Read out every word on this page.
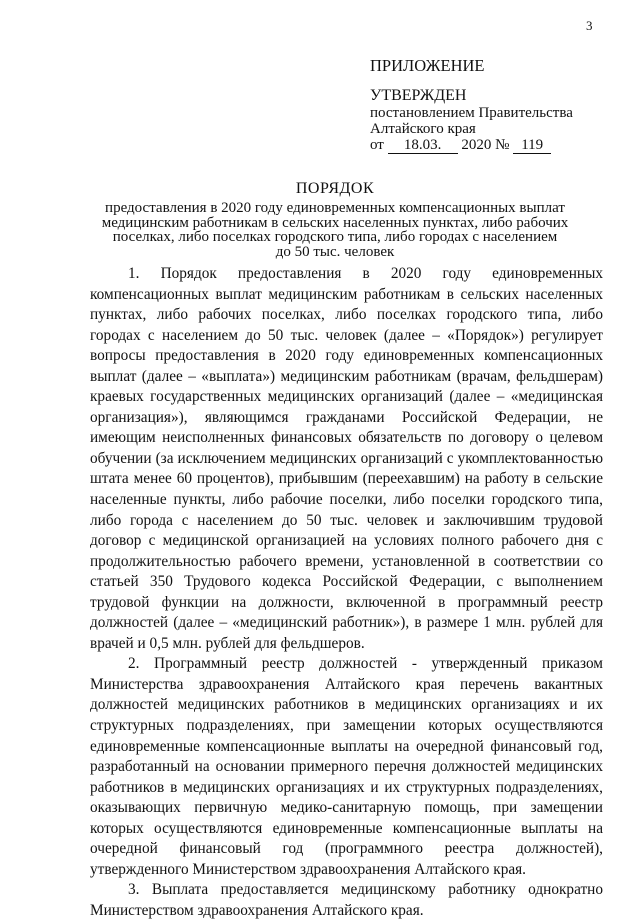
3
ПРИЛОЖЕНИЕ
УТВЕРЖДЕН
постановлением Правительства
Алтайского края
от 18.03. 2020 № 119
ПОРЯДОК
предоставления в 2020 году единовременных компенсационных выплат
медицинским работникам в сельских населенных пунктах, либо рабочих
поселках, либо поселках городского типа, либо городах с населением
до 50 тыс. человек

1. Порядок предоставления в 2020 году единовременных компенсационных выплат медицинским работникам в сельских населенных пунктах, либо рабочих поселках, либо поселках городского типа, либо городах с населением до 50 тыс. человек (далее – «Порядок») регулирует вопросы предоставления в 2020 году единовременных компенсационных выплат (далее – «выплата») медицинским работникам (врачам, фельдшерам) краевых государственных медицинских организаций (далее – «медицинская организация»), являющимся гражданами Российской Федерации, не имеющим неисполненных финансовых обязательств по договору о целевом обучении (за исключением медицинских организаций с укомплектованностью штата менее 60 процентов), прибывшим (переехавшим) на работу в сельские населенные пункты, либо рабочие поселки, либо поселки городского типа, либо города с населением до 50 тыс. человек и заключившим трудовой договор с медицинской организацией на условиях полного рабочего дня с продолжительностью рабочего времени, установленной в соответствии со статьей 350 Трудового кодекса Российской Федерации, с выполнением трудовой функции на должности, включенной в программный реестр должностей (далее – «медицинский работник»), в размере 1 млн. рублей для врачей и 0,5 млн. рублей для фельдшеров.

2. Программный реестр должностей - утвержденный приказом Министерства здравоохранения Алтайского края перечень вакантных должностей медицинских работников в медицинских организациях и их структурных подразделениях, при замещении которых осуществляются единовременные компенсационные выплаты на очередной финансовый год, разработанный на основании примерного перечня должностей медицинских работников в медицинских организациях и их структурных подразделениях, оказывающих первичную медико-санитарную помощь, при замещении которых осуществляются единовременные компенсационные выплаты на очередной финансовый год (программного реестра должностей), утвержденного Министерством здравоохранения Алтайского края.

3. Выплата предоставляется медицинскому работнику однократно Министерством здравоохранения Алтайского края.
